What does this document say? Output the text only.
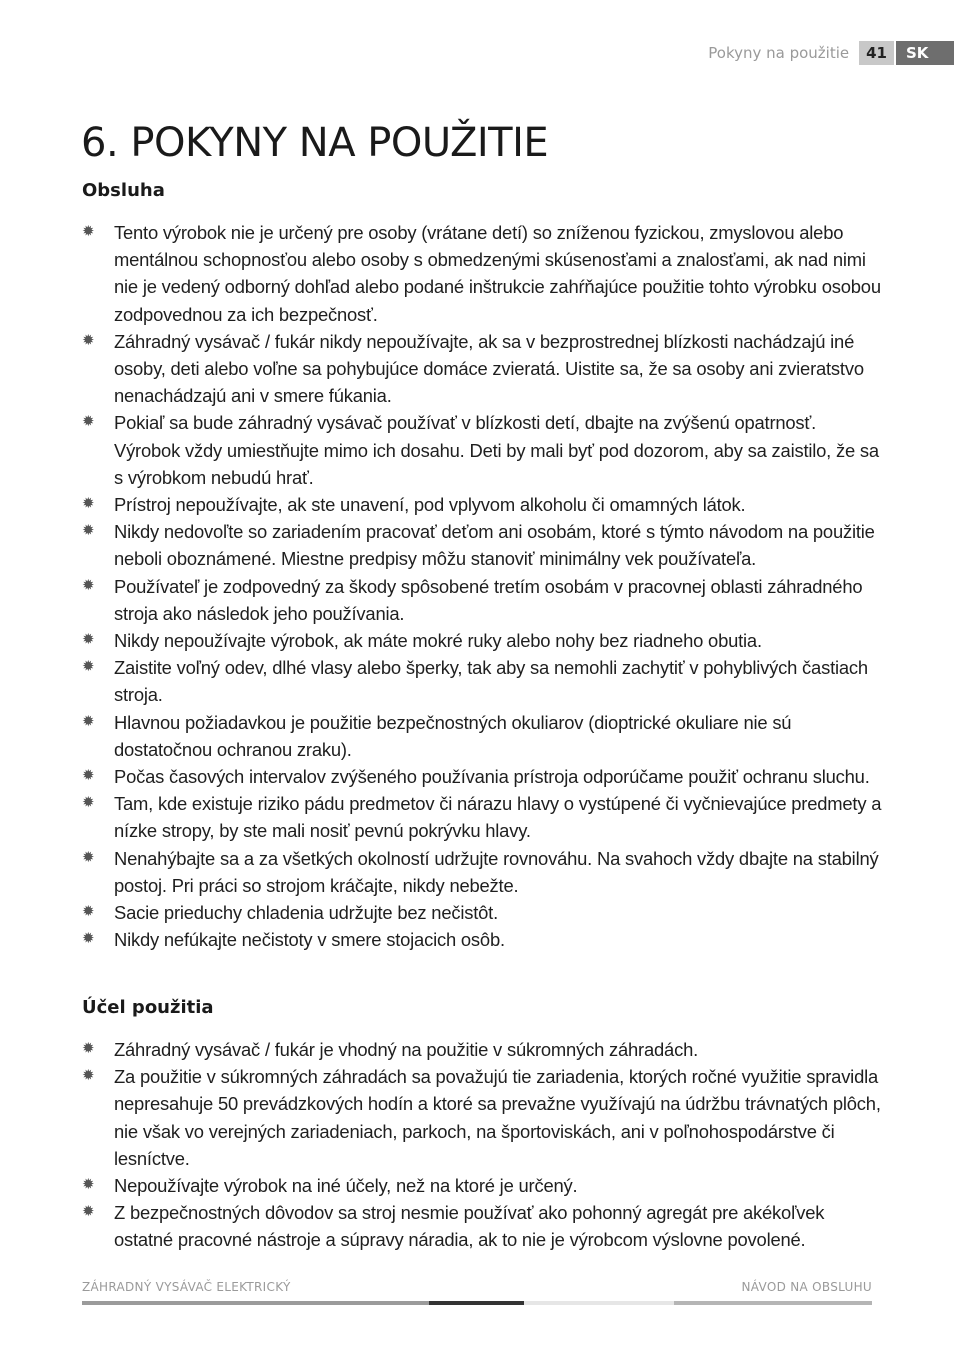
Pokyny na použitie	41	SK
6. POKYNY NA POUŽITIE
Obsluha
✹ Tento výrobok nie je určený pre osoby (vrátane detí) so zníženou fyzickou, zmyslovou alebo mentálnou schopnosťou alebo osoby s obmedzenými skúsenosťami a znalosťami, ak nad nimi nie je vedený odborný dohľad alebo podané inštrukcie zahŕňajúce použitie tohto výrobku osobou zodpovednou za ich bezpečnosť.
✹ Záhradný vysávač / fukár nikdy nepoužívajte, ak sa v bezprostrednej blízkosti nachádzajú iné osoby, deti alebo voľne sa pohybujúce domáce zvieratá. Uistite sa, že sa osoby ani zvieratstvo nenachádzajú ani v smere fúkania.
✹ Pokiaľ sa bude záhradný vysávač používať v blízkosti detí, dbajte na zvýšenú opatrnosť. Výrobok vždy umiestňujte mimo ich dosahu. Deti by mali byť pod dozorom, aby sa zaistilo, že sa s výrobkom nebudú hrať.
✹ Prístroj nepoužívajte, ak ste unavení, pod vplyvom alkoholu či omamných látok.
✹ Nikdy nedovoľte so zariadením pracovať deťom ani osobám, ktoré s týmto návodom na použitie neboli oboznámené. Miestne predpisy môžu stanoviť minimálny vek používateľa.
✹ Používateľ je zodpovedný za škody spôsobené tretím osobám v pracovnej oblasti záhradného stroja ako následok jeho používania.
✹ Nikdy nepoužívajte výrobok, ak máte mokré ruky alebo nohy bez riadneho obutia.
✹ Zaistite voľný odev, dlhé vlasy alebo šperky, tak aby sa nemohli zachytiť v pohyblivých častiach stroja.
✹ Hlavnou požiadavkou je použitie bezpečnostných okuliarov (dioptrické okuliare nie sú dostatočnou ochranou zraku).
✹ Počas časových intervalov zvýšeného používania prístroja odporúčame použiť ochranu sluchu.
✹ Tam, kde existuje riziko pádu predmetov či nárazu hlavy o vystúpené či vyčnievajúce predmety a nízke stropy, by ste mali nosiť pevnú pokrývku hlavy.
✹ Nenahýbajte sa a za všetkých okolností udržujte rovnováhu. Na svahoch vždy dbajte na stabilný postoj. Pri práci so strojom kráčajte, nikdy nebežte.
✹ Sacie prieduchy chladenia udržujte bez nečistôt.
✹ Nikdy nefúkajte nečistoty v smere stojacich osôb.
Účel použitia
✹ Záhradný vysávač / fukár je vhodný na použitie v súkromných záhradách.
✹ Za použitie v súkromných záhradách sa považujú tie zariadenia, ktorých ročné využitie spravidla nepresahuje 50 prevádzkových hodín a ktoré sa prevažne využívajú na údržbu trávnatých plôch, nie však vo verejných zariadeniach, parkoch, na športoviskách, ani v poľnohospodárstve či lesníctve.
✹ Nepoužívajte výrobok na iné účely, než na ktoré je určený.
✹ Z bezpečnostných dôvodov sa stroj nesmie používať ako pohonný agregát pre akékoľvek ostatné pracovné nástroje a súpravy náradia, ak to nie je výrobcom výslovne povolené.
ZÁHRADNÝ VYSÁVAČ ELEKTRICKÝ	NÁVOD NA OBSLUHU
